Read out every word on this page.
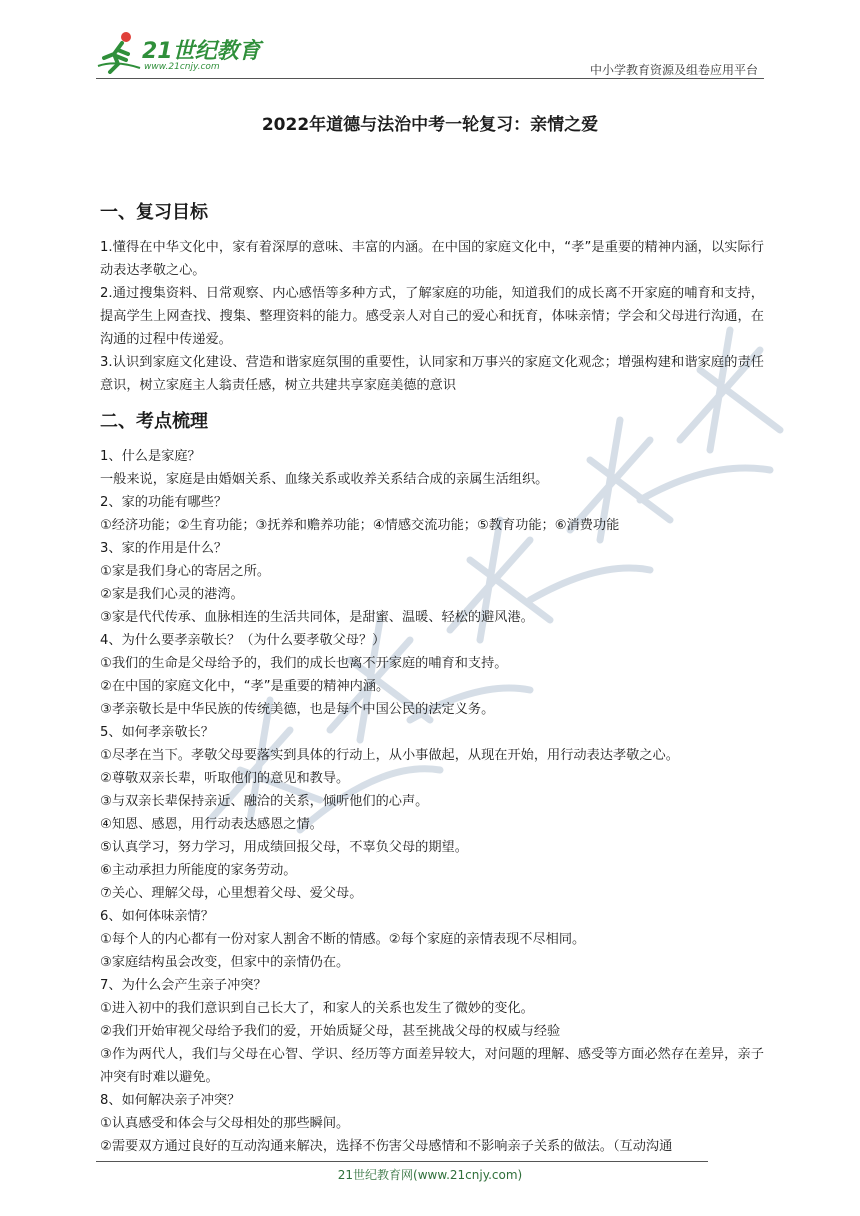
21世纪教育
www.21cnjy.com	中小学教育资源及组卷应用平台
2022年道德与法治中考一轮复习：亲情之爱
一、复习目标

1.懂得在中华文化中，家有着深厚的意味、丰富的内涵。在中国的家庭文化中，“孝”是重要的精神内涵，以实际行动表达孝敬之心。

2.通过搜集资料、日常观察、内心感悟等多种方式，了解家庭的功能，知道我们的成长离不开家庭的哺育和支持，提高学生上网查找、搜集、整理资料的能力。感受亲人对自己的爱心和抚育，体味亲情；学会和父母进行沟通，在沟通的过程中传递爱。

3.认识到家庭文化建设、营造和谐家庭氛围的重要性，认同家和万事兴的家庭文化观念；增强构建和谐家庭的责任意识，树立家庭主人翁责任感，树立共建共享家庭美德的意识

二、考点梳理

1、什么是家庭？

一般来说，家庭是由婚姻关系、血缘关系或收养关系结合成的亲属生活组织。

2、家的功能有哪些？

①经济功能；②生育功能；③抚养和赡养功能；④情感交流功能；⑤教育功能；⑥消费功能

3、家的作用是什么？

①家是我们身心的寄居之所。

②家是我们心灵的港湾。

③家是代代传承、血脉相连的生活共同体，是甜蜜、温暖、轻松的避风港。

4、为什么要孝亲敬长？（为什么要孝敬父母？）

①我们的生命是父母给予的，我们的成长也离不开家庭的哺育和支持。

②在中国的家庭文化中，“孝”是重要的精神内涵。

③孝亲敬长是中华民族的传统美德，也是每个中国公民的法定义务。

5、如何孝亲敬长？

①尽孝在当下。孝敬父母要落实到具体的行动上，从小事做起，从现在开始，用行动表达孝敬之心。

②尊敬双亲长辈，听取他们的意见和教导。

③与双亲长辈保持亲近、融洽的关系，倾听他们的心声。

④知恩、感恩，用行动表达感恩之情。

⑤认真学习，努力学习，用成绩回报父母，不辜负父母的期望。

⑥主动承担力所能度的家务劳动。

⑦关心、理解父母，心里想着父母、爱父母。

6、如何体味亲情？

①每个人的内心都有一份对家人割舍不断的情感。②每个家庭的亲情表现不尽相同。

③家庭结构虽会改变，但家中的亲情仍在。

7、为什么会产生亲子冲突？

①进入初中的我们意识到自己长大了，和家人的关系也发生了微妙的变化。

②我们开始审视父母给予我们的爱，开始质疑父母，甚至挑战父母的权威与经验

③作为两代人，我们与父母在心智、学识、经历等方面差异较大，对问题的理解、感受等方面必然存在差异，亲子冲突有时难以避免。

8、如何解决亲子冲突？

①认真感受和体会与父母相处的那些瞬间。

②需要双方通过良好的互动沟通来解决，选择不伤害父母感情和不影响亲子关系的做法。（互动沟通

21世纪教育网(www.21cnjy.com)
